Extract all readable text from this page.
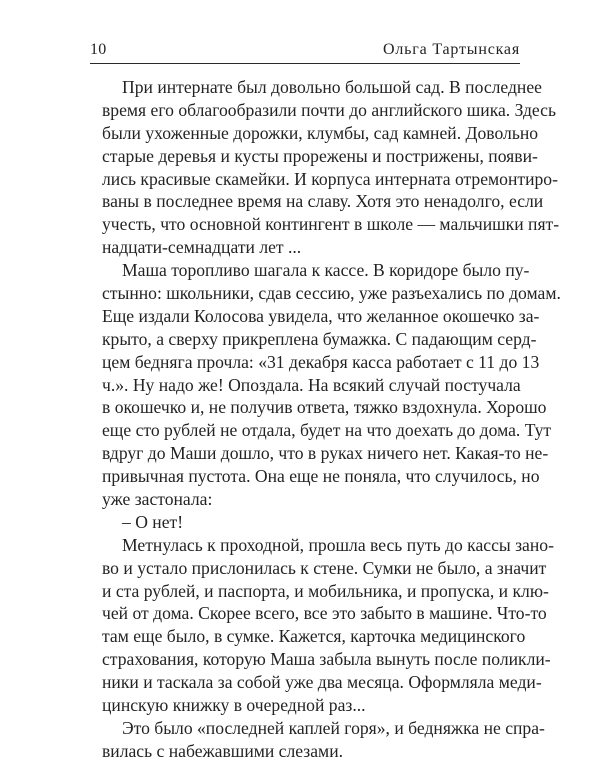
10	Ольга Тартынская
При интернате был довольно большой сад. В последнее
время его облагообразили почти до английского шика. Здесь
были ухоженные дорожки, клумбы, сад камней. Довольно
старые деревья и кусты прорежены и пострижены, появи-
лись красивые скамейки. И корпуса интерната отремонтиро-
ваны в последнее время на славу. Хотя это ненадолго, если
учесть, что основной контингент в школе — мальчишки пят-
надцати-семнадцати лет ...
Маша торопливо шагала к кассе. В коридоре было пу-
стынно: школьники, сдав сессию, уже разъехались по домам.
Еще издали Колосова увидела, что желанное окошечко за-
крыто, а сверху прикреплена бумажка. С падающим серд-
цем бедняга прочла: «31 декабря касса работает с 11 до 13
ч.». Ну надо же! Опоздала. На всякий случай постучала
в окошечко и, не получив ответа, тяжко вздохнула. Хорошо
еще сто рублей не отдала, будет на что доехать до дома. Тут
вдруг до Маши дошло, что в руках ничего нет. Какая-то не-
привычная пустота. Она еще не поняла, что случилось, но
уже застонала:
– О нет!
Метнулась к проходной, прошла весь путь до кассы зано-
во и устало прислонилась к стене. Сумки не было, а значит
и ста рублей, и паспорта, и мобильника, и пропуска, и клю-
чей от дома. Скорее всего, все это забыто в машине. Что-то
там еще было, в сумке. Кажется, карточка медицинского
страхования, которую Маша забыла вынуть после поликли-
ники и таскала за собой уже два месяца. Оформляла меди-
цинскую книжку в очередной раз...
Это было «последней каплей горя», и бедняжка не спра-
вилась с набежавшими слезами.
